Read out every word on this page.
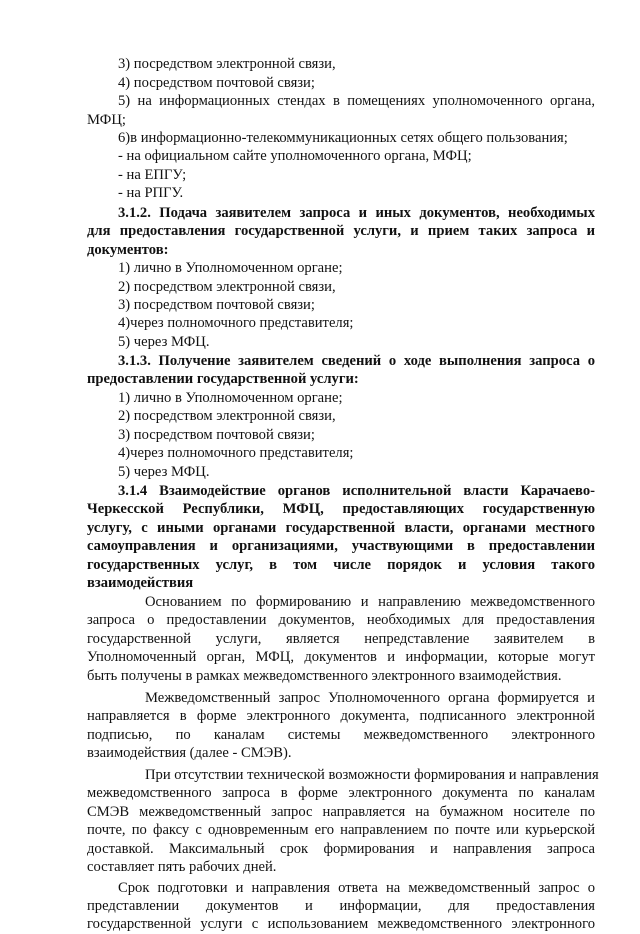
3) посредством электронной связи,
4) посредством почтовой связи;
5) на информационных стендах в помещениях уполномоченного органа,
МФЦ;
6)в информационно-телекоммуникационных сетях общего пользования;
- на официальном сайте уполномоченного органа, МФЦ;
- на ЕПГУ;
- на РПГУ.
3.1.2. Подача заявителем запроса и иных документов, необходимых
для предоставления государственной услуги, и прием таких запроса и
документов:
1) лично в Уполномоченном органе;
2) посредством электронной связи,
3) посредством почтовой связи;
4)через полномочного представителя;
5) через МФЦ.
3.1.3. Получение заявителем сведений о ходе выполнения запроса о
предоставлении государственной услуги:
1) лично в Уполномоченном органе;
2) посредством электронной связи,
3) посредством почтовой связи;
4)через полномочного представителя;
5) через МФЦ.
3.1.4 Взаимодействие органов исполнительной власти Карачаево-
Черкесской Республики, МФЦ, предоставляющих государственную
услугу, с иными органами государственной власти, органами местного
самоуправления и организациями, участвующими в предоставлении
государственных услуг, в том числе порядок и условия такого
взаимодействия
Основанием по формированию и направлению межведомственного
запроса о предоставлении документов, необходимых для предоставления
государственной услуги, является непредставление заявителем в
Уполномоченный орган, МФЦ, документов и информации, которые могут
быть получены в рамках межведомственного электронного взаимодействия.
Межведомственный запрос Уполномоченного органа формируется и
направляется в форме электронного документа, подписанного электронной
подписью, по каналам системы межведомственного электронного
взаимодействия (далее - СМЭВ).
При отсутствии технической возможности формирования и направления
межведомственного запроса в форме электронного документа по каналам
СМЭВ межведомственный запрос направляется на бумажном носителе по
почте, по факсу с одновременным его направлением по почте или курьерской
доставкой. Максимальный срок формирования и направления запроса
составляет пять рабочих дней.
Срок подготовки и направления ответа на межведомственный запрос о
представлении документов и информации, для предоставления
государственной услуги с использованием межведомственного электронного
